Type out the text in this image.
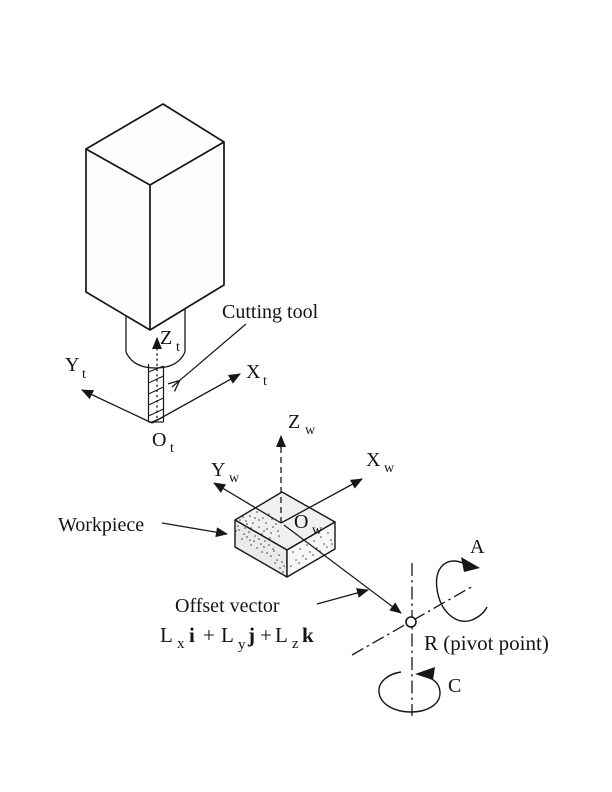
Cutting tool
Z t
Y t	X t
O t
Z w
Y w
X w
O w
Workpiece
Offset vector
L x i + L y j + L z k	R (pivot point)
A
C
